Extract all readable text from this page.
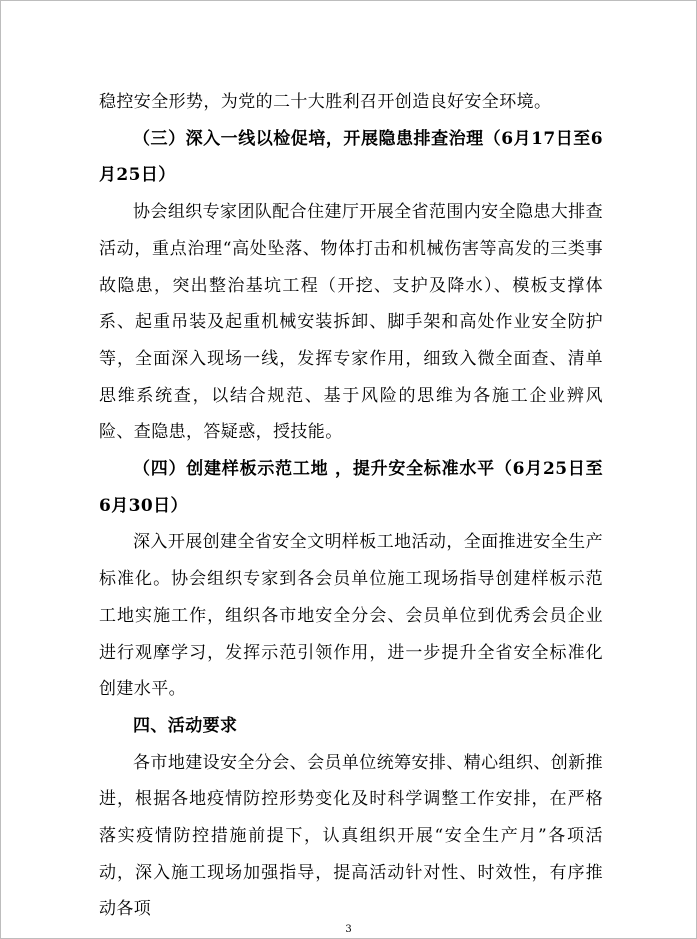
稳控安全形势，为党的二十大胜利召开创造良好安全环境。

（三）深入一线以检促培，开展隐患排查治理（6月17日至6月25日）

协会组织专家团队配合住建厅开展全省范围内安全隐患大排查活动，重点治理“高处坠落、物体打击和机械伤害等高发的三类事故隐患，突出整治基坑工程（开挖、支护及降水）、模板支撑体系、起重吊装及起重机械安装拆卸、脚手架和高处作业安全防护等，全面深入现场一线，发挥专家作用，细致入微全面查、清单思维系统查，以结合规范、基于风险的思维为各施工企业辨风险、查隐患，答疑惑，授技能。

（四）创建样板示范工地 ，提升安全标准水平（6月25日至6月30日）

深入开展创建全省安全文明样板工地活动，全面推进安全生产标准化。协会组织专家到各会员单位施工现场指导创建样板示范工地实施工作，组织各市地安全分会、会员单位到优秀会员企业进行观摩学习，发挥示范引领作用，进一步提升全省安全标准化创建水平。

四、活动要求

各市地建设安全分会、会员单位统筹安排、精心组织、创新推进，根据各地疫情防控形势变化及时科学调整工作安排，在严格落实疫情防控措施前提下，认真组织开展“安全生产月”各项活动，深入施工现场加强指导，提高活动针对性、时效性，有序推动各项

3
